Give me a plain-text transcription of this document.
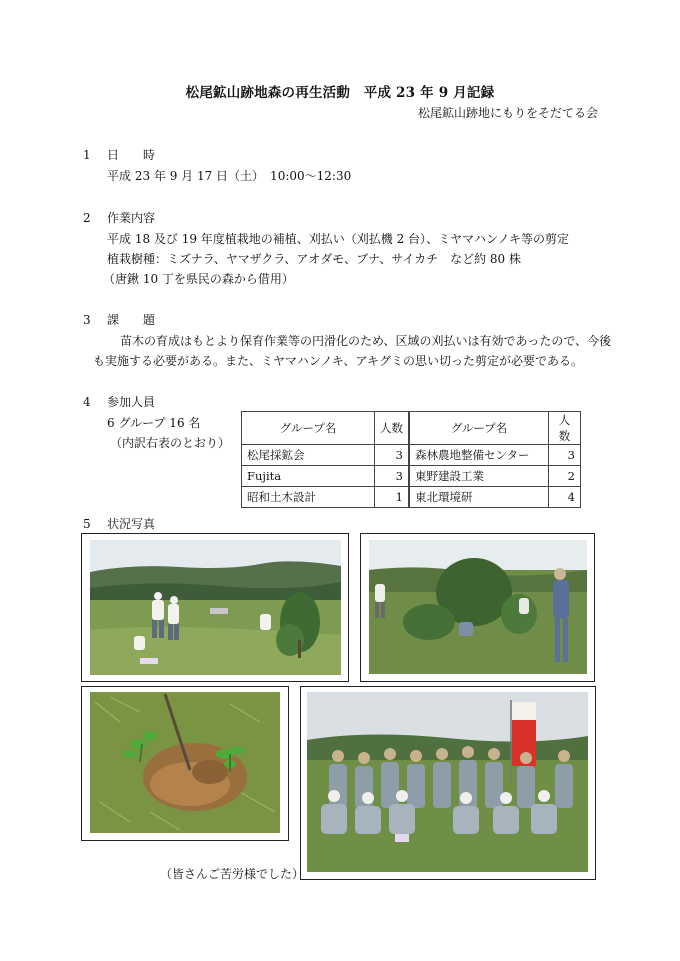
松尾鉱山跡地森の再生活動　平成 23 年 9 月記録
松尾鉱山跡地にもりをそだてる会
1 日　　時
平成 23 年 9 月 17 日（土）　10:00～12:30
2 作業内容
平成 18 及び 19 年度植栽地の補植、刈払い（刈払機 2 台）、ミヤマハンノキ等の剪定
植栽樹種：ミズナラ、ヤマザクラ、アオダモ、ブナ、サイカチ　など約 80 株
（唐鍬 10 丁を県民の森から借用）
3 課　　題
苗木の育成はもとより保育作業等の円滑化のため、区域の刈払いは有効であったので、今後
も実施する必要がある。また、ミヤマハンノキ、アキグミの思い切った剪定が必要である。
4 参加人員
6 グループ 16 名
（内訳右表のとおり）
グループ名	人数		グループ名	人数
松尾採鉱会	3		森林農地整備センター	3
Fujita	3		東野建設工業	2
昭和土木設計	1		東北環境研	4
5 状況写真
（皆さんご苦労様でした）
